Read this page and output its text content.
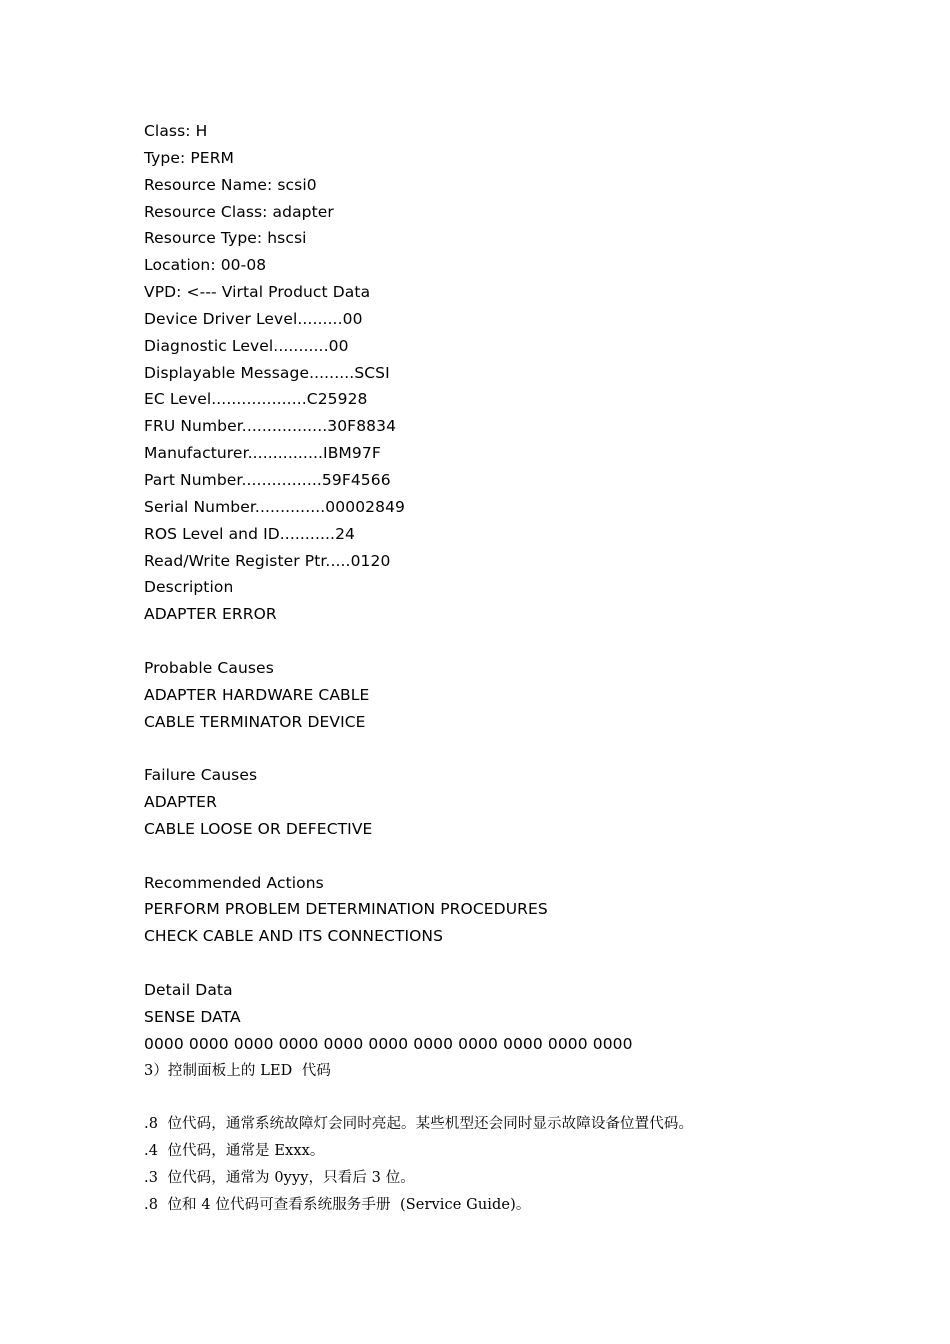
Class: H
Type: PERM
Resource Name: scsi0
Resource Class: adapter
Resource Type: hscsi
Location: 00-08
VPD: <--- Virtal Product Data
Device Driver Level.........00
Diagnostic Level...........00
Displayable Message.........SCSI
EC Level...................C25928
FRU Number.................30F8834
Manufacturer...............IBM97F
Part Number................59F4566
Serial Number..............00002849
ROS Level and ID...........24
Read/Write Register Ptr.....0120
Description
ADAPTER ERROR
Probable Causes
ADAPTER HARDWARE CABLE
CABLE TERMINATOR DEVICE
Failure Causes
ADAPTER
CABLE LOOSE OR DEFECTIVE
Recommended Actions
PERFORM PROBLEM DETERMINATION PROCEDURES
CHECK CABLE AND ITS CONNECTIONS
Detail Data
SENSE DATA
0000 0000 0000 0000 0000 0000 0000 0000 0000 0000 0000
3）控制面板上的 LED  代码
.8  位代码，通常系统故障灯会同时亮起。某些机型还会同时显示故障设备位置代码。
.4  位代码，通常是 Exxx。
.3  位代码，通常为 0yyy，只看后 3 位。
.8  位和 4 位代码可查看系统服务手册  (Service Guide)。
